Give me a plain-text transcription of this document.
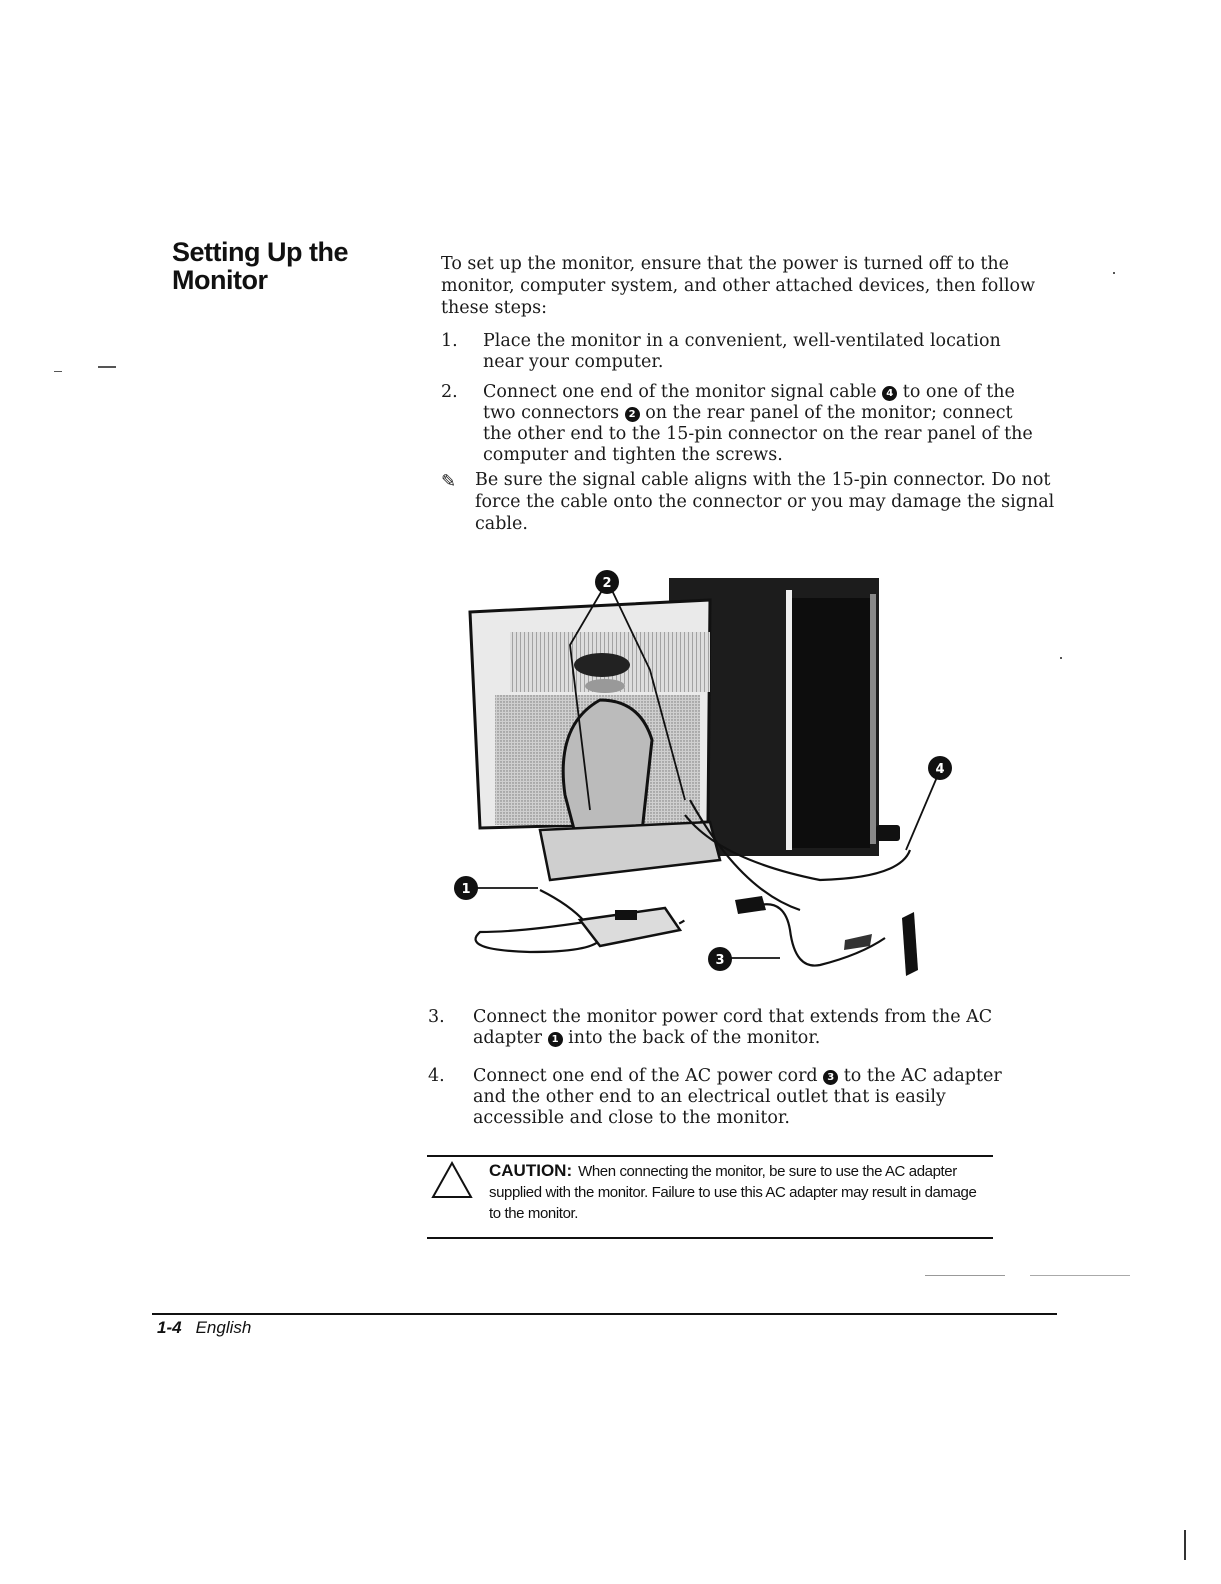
Setting Up the
Monitor
To set up the monitor, ensure that the power is turned off to the monitor, computer system, and other attached devices, then follow these steps:
1. Place the monitor in a convenient, well-ventilated location near your computer.
2. Connect one end of the monitor signal cable 4 to one of the two connectors 2 on the rear panel of the monitor; connect the other end to the 15-pin connector on the rear panel of the computer and tighten the screws.
✎ Be sure the signal cable aligns with the 15-pin connector. Do not force the cable onto the connector or you may damage the signal cable.
2
4
1
3
3. Connect the monitor power cord that extends from the AC adapter 1 into the back of the monitor.
4. Connect one end of the AC power cord 3 to the AC adapter and the other end to an electrical outlet that is easily accessible and close to the monitor.
CAUTION: When connecting the monitor, be sure to use the AC adapter supplied with the monitor. Failure to use this AC adapter may result in damage to the monitor.
1-4 English
